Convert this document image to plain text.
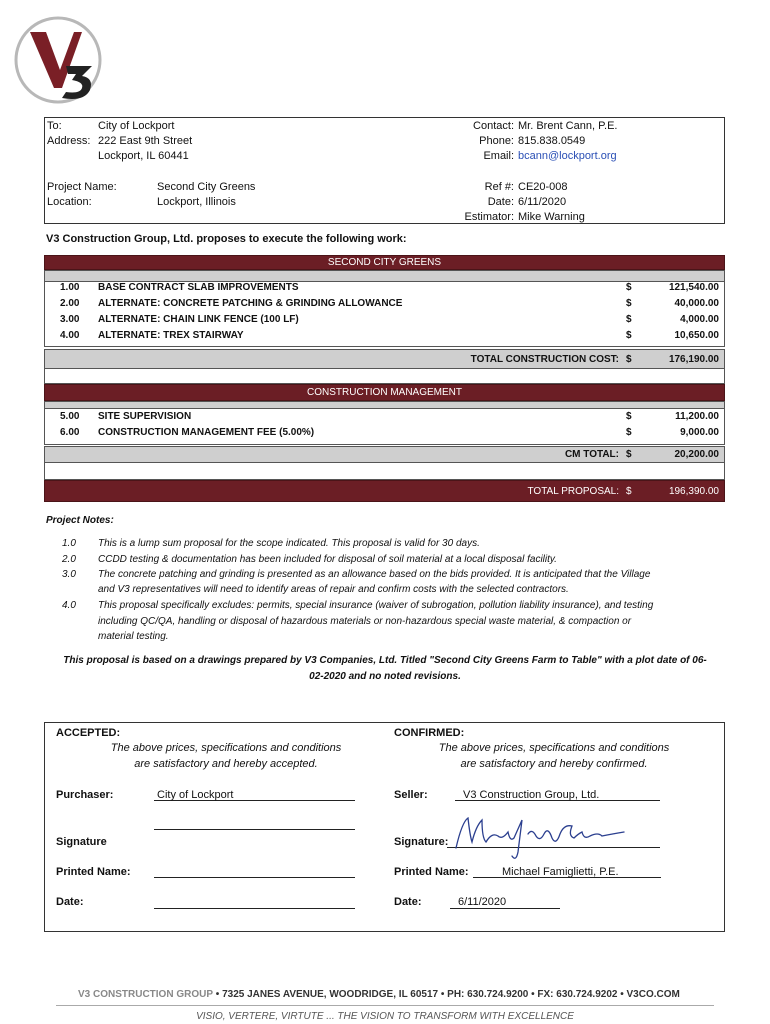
To:	City of Lockport
Address: 222 East 9th Street
Lockport, IL 60441
Project Name:	Second City Greens
Location:	Lockport, Illinois
Contact: Mr. Brent Cann, P.E.
Phone: 815.838.0549
Email: bcann@lockport.org
Ref #: CE20-008
Date: 6/11/2020
Estimator: Mike Warning
V3 Construction Group, Ltd. proposes to execute the following work:
SECOND CITY GREENS
1.00 BASE CONTRACT SLAB IMPROVEMENTS	$	121,540.00
2.00 ALTERNATE: CONCRETE PATCHING & GRINDING ALLOWANCE	$	40,000.00
3.00 ALTERNATE: CHAIN LINK FENCE (100 LF)	$	4,000.00
4.00 ALTERNATE: TREX STAIRWAY	$	10,650.00
TOTAL CONSTRUCTION COST: $	176,190.00
CONSTRUCTION MANAGEMENT
5.00 SITE SUPERVISION	$	11,200.00
6.00 CONSTRUCTION MANAGEMENT FEE (5.00%)	$	9,000.00
CM TOTAL: $	20,200.00
TOTAL PROPOSAL: $	196,390.00
Project Notes:
1.0 This is a lump sum proposal for the scope indicated. This proposal is valid for 30 days.
2.0 CCDD testing & documentation has been included for disposal of soil material at a local disposal facility.
3.0 The concrete patching and grinding is presented as an allowance based on the bids provided. It is anticipated that the Village
and V3 representatives will need to identify areas of repair and confirm costs with the selected contractors.
4.0 This proposal specifically excludes: permits, special insurance (waiver of subrogation, pollution liability insurance), and testing
including QC/QA, handling or disposal of hazardous materials or non-hazardous special waste material, & compaction or
material testing.
This proposal is based on a drawings prepared by V3 Companies, Ltd. Titled "Second City Greens Farm to Table" with a plot date of 06-
02-2020 and no noted revisions.
ACCEPTED:
The above prices, specifications and conditions
are satisfactory and hereby accepted.
CONFIRMED:
The above prices, specifications and conditions
are satisfactory and hereby confirmed.
Purchaser:	City of Lockport	Seller:	V3 Construction Group, Ltd.
Signature	Signature:
Printed Name:	Printed Name:	Michael Famiglietti, P.E.
Date:	Date:	6/11/2020
V3 CONSTRUCTION GROUP • 7325 JANES AVENUE, WOODRIDGE, IL 60517 • PH: 630.724.9200 • FX: 630.724.9202 • V3CO.COM
VISIO, VERTERE, VIRTUTE ... THE VISION TO TRANSFORM WITH EXCELLENCE
